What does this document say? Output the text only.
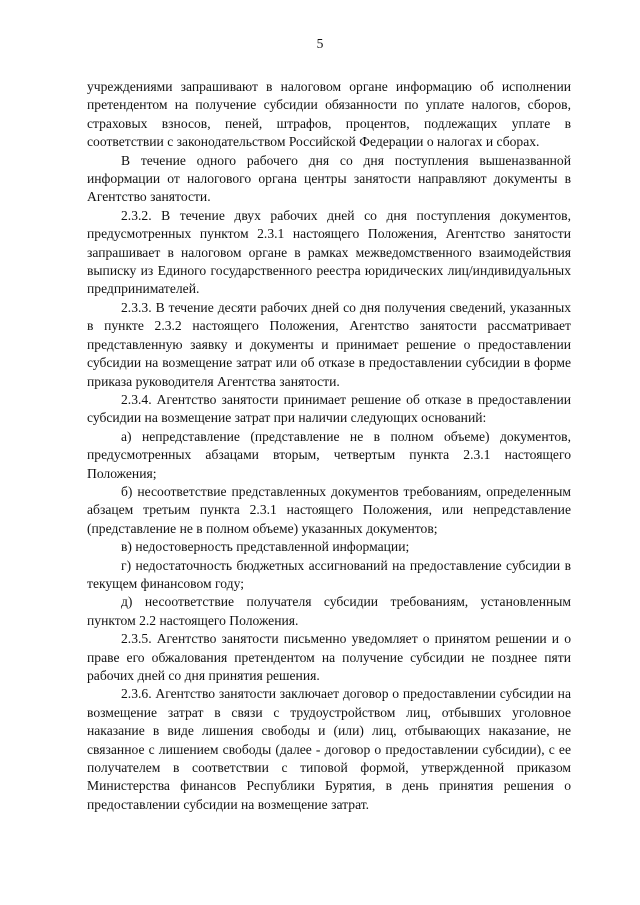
5

учреждениями запрашивают в налоговом органе информацию об исполнении претендентом на получение субсидии обязанности по уплате налогов, сборов, страховых взносов, пеней, штрафов, процентов, подлежащих уплате в соответствии с законодательством Российской Федерации о налогах и сборах.

В течение одного рабочего дня со дня поступления вышеназванной информации от налогового органа центры занятости направляют документы в Агентство занятости.

2.3.2. В течение двух рабочих дней со дня поступления документов, предусмотренных пунктом 2.3.1 настоящего Положения, Агентство занятости запрашивает в налоговом органе в рамках межведомственного взаимодействия выписку из Единого государственного реестра юридических лиц/индивидуальных предпринимателей.

2.3.3. В течение десяти рабочих дней со дня получения сведений, указанных в пункте 2.3.2 настоящего Положения, Агентство занятости рассматривает представленную заявку и документы и принимает решение о предоставлении субсидии на возмещение затрат или об отказе в предоставлении субсидии в форме приказа руководителя Агентства занятости.

2.3.4. Агентство занятости принимает решение об отказе в предоставлении субсидии на возмещение затрат при наличии следующих оснований:

а) непредставление (представление не в полном объеме) документов, предусмотренных абзацами вторым, четвертым пункта 2.3.1 настоящего Положения;

б) несоответствие представленных документов требованиям, определенным абзацем третьим пункта 2.3.1 настоящего Положения, или непредставление (представление не в полном объеме) указанных документов;

в) недостоверность представленной информации;

г) недостаточность бюджетных ассигнований на предоставление субсидии в текущем финансовом году;

д) несоответствие получателя субсидии требованиям, установленным пунктом 2.2 настоящего Положения.

2.3.5. Агентство занятости письменно уведомляет о принятом решении и о праве его обжалования претендентом на получение субсидии не позднее пяти рабочих дней со дня принятия решения.

2.3.6. Агентство занятости заключает договор о предоставлении субсидии на возмещение затрат в связи с трудоустройством лиц, отбывших уголовное наказание в виде лишения свободы и (или) лиц, отбывающих наказание, не связанное с лишением свободы (далее - договор о предоставлении субсидии), с ее получателем в соответствии с типовой формой, утвержденной приказом Министерства финансов Республики Бурятия, в день принятия решения о предоставлении субсидии на возмещение затрат.
